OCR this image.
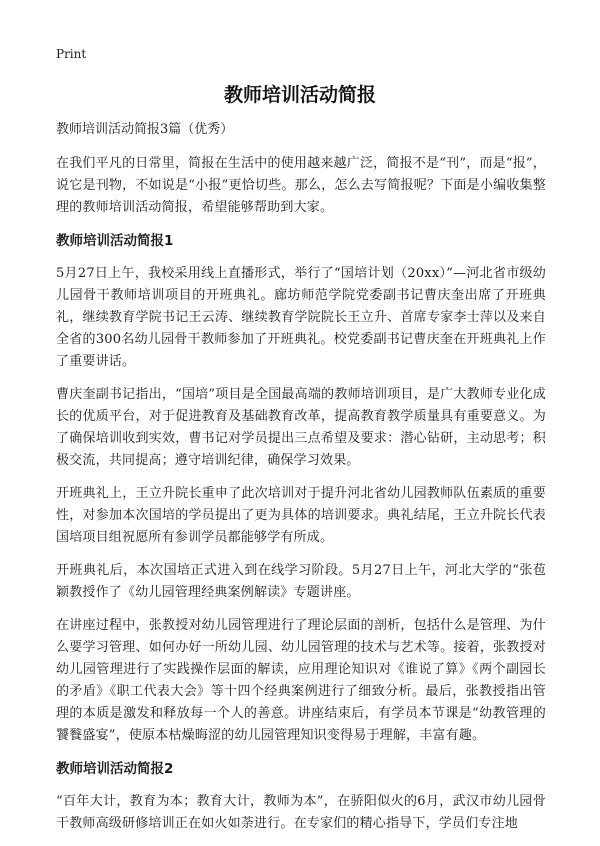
Print
教师培训活动简报

教师培训活动简报3篇（优秀）

在我们平凡的日常里，简报在生活中的使用越来越广泛，简报不是“刊”，而是“报”，说它是刊物，不如说是“小报”更恰切些。那么，怎么去写简报呢？下面是小编收集整理的教师培训活动简报，希望能够帮助到大家。

教师培训活动简报1

5月27日上午，我校采用线上直播形式，举行了“国培计划（20xx）”—河北省市级幼儿园骨干教师培训项目的开班典礼。廊坊师范学院党委副书记曹庆奎出席了开班典礼，继续教育学院书记王云涛、继续教育学院院长王立升、首席专家李士萍以及来自全省的300名幼儿园骨干教师参加了开班典礼。校党委副书记曹庆奎在开班典礼上作了重要讲话。

曹庆奎副书记指出，“国培”项目是全国最高端的教师培训项目，是广大教师专业化成长的优质平台，对于促进教育及基础教育改革，提高教育教学质量具有重要意义。为了确保培训收到实效，曹书记对学员提出三点希望及要求：潜心钻研，主动思考；积极交流，共同提高；遵守培训纪律，确保学习效果。

开班典礼上，王立升院长重申了此次培训对于提升河北省幼儿园教师队伍素质的重要性，对参加本次国培的学员提出了更为具体的培训要求。典礼结尾，王立升院长代表国培项目组祝愿所有参训学员都能够学有所成。

开班典礼后，本次国培正式进入到在线学习阶段。5月27日上午，河北大学的“张苞颖教授作了《幼儿园管理经典案例解读》专题讲座。

在讲座过程中，张教授对幼儿园管理进行了理论层面的剖析，包括什么是管理、为什么要学习管理、如何办好一所幼儿园、幼儿园管理的技术与艺术等。接着，张教授对幼儿园管理进行了实践操作层面的解读，应用理论知识对《谁说了算》《两个副园长的矛盾》《职工代表大会》等十四个经典案例进行了细致分析。最后，张教授指出管理的本质是激发和释放每一个人的善意。讲座结束后，有学员本节课是“幼教管理的饕餮盛宴”，使原本枯燥晦涩的幼儿园管理知识变得易于理解，丰富有趣。

教师培训活动简报2

“百年大计，教育为本；教育大计，教师为本”，在骄阳似火的6月，武汉市幼儿园骨干教师高级研修培训正在如火如荼进行。在专家们的精心指导下，学员们专注地
